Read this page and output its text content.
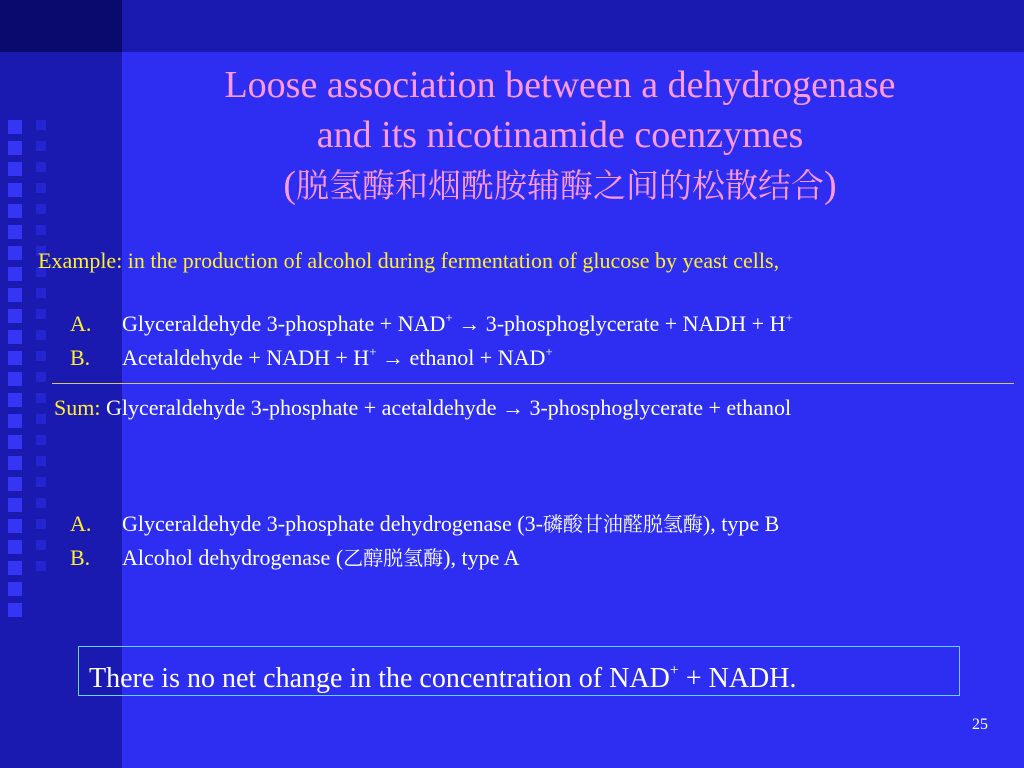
Loose association between a dehydrogenase
and its nicotinamide coenzymes
(脱氢酶和烟酰胺辅酶之间的松散结合)
Example: in the production of alcohol during fermentation of glucose by yeast cells,
A. Glyceraldehyde 3-phosphate + NAD+ → 3-phosphoglycerate + NADH + H+
B. Acetaldehyde + NADH + H+ → ethanol + NAD+
Sum: Glyceraldehyde 3-phosphate + acetaldehyde → 3-phosphoglycerate + ethanol
A. Glyceraldehyde 3-phosphate dehydrogenase (3-磷酸甘油醛脱氢酶), type B
B. Alcohol dehydrogenase (乙醇脱氢酶), type A
There is no net change in the concentration of NAD+ + NADH.
25
